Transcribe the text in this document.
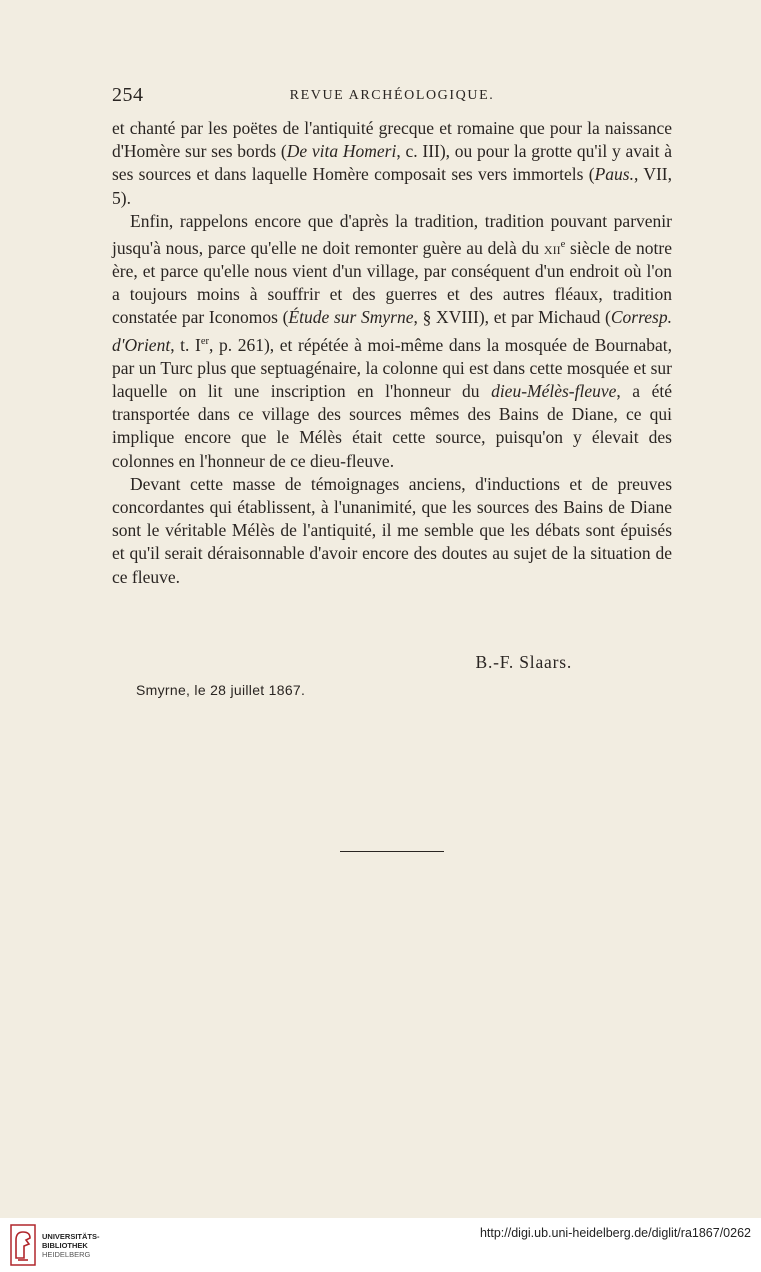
254	REVUE ARCHÉOLOGIQUE.

et chanté par les poëtes de l'antiquité grecque et romaine que pour la naissance d'Homère sur ses bords (De vita Homeri, c. III), ou pour la grotte qu'il y avait à ses sources et dans laquelle Homère composait ses vers immortels (Paus., VII, 5).

Enfin, rappelons encore que d'après la tradition, tradition pouvant parvenir jusqu'à nous, parce qu'elle ne doit remonter guère au delà du xii$^e$ siècle de notre ère, et parce qu'elle nous vient d'un village, par conséquent d'un endroit où l'on a toujours moins à souffrir et des guerres et des autres fléaux, tradition constatée par Iconomos (Étude sur Smyrne, § XVIII), et par Michaud (Corresp. d'Orient, t. Ier, p. 261), et répétée à moi-même dans la mosquée de Bournabat, par un Turc plus que septuagénaire, la colonne qui est dans cette mosquée et sur laquelle on lit une inscription en l'honneur du dieu-Mélès-fleuve, a été transportée dans ce village des sources mêmes des Bains de Diane, ce qui implique encore que le Mélès était cette source, puisqu'on y élevait des colonnes en l'honneur de ce dieu-fleuve.

Devant cette masse de témoignages anciens, d'inductions et de preuves concordantes qui établissent, à l'unanimité, que les sources des Bains de Diane sont le véritable Mélès de l'antiquité, il me semble que les débats sont épuisés et qu'il serait déraisonnable d'avoir encore des doutes au sujet de la situation de ce fleuve.

B.-F. Slaars.
Smyrne, le 28 juillet 1867.
UNIVERSITÄTS-
BIBLIOTHEK
HEIDELBERG
http://digi.ub.uni-heidelberg.de/diglit/ra1867/0262
